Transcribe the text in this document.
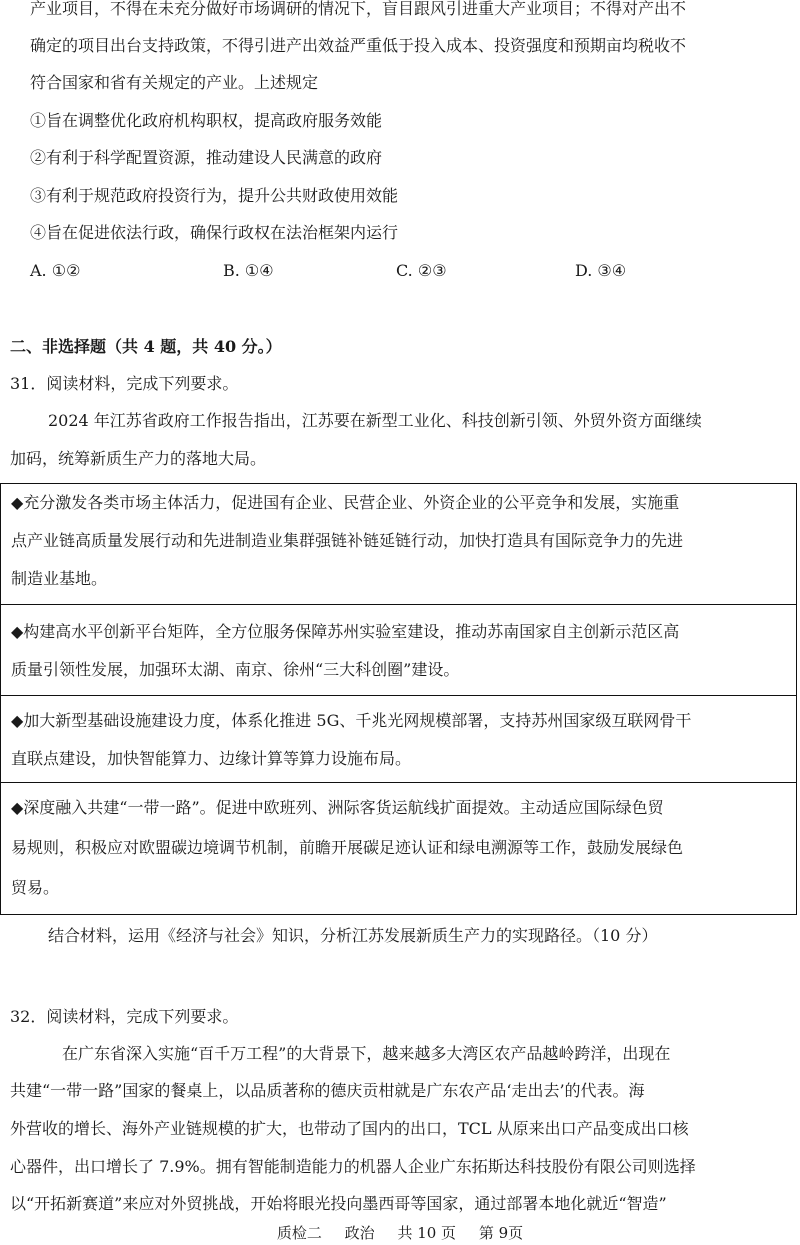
产业项目，不得在未充分做好市场调研的情况下，盲目跟风引进重大产业项目；不得对产出不
确定的项目出台支持政策，不得引进产出效益严重低于投入成本、投资强度和预期亩均税收不
符合国家和省有关规定的产业。上述规定
①旨在调整优化政府机构职权，提高政府服务效能
②有利于科学配置资源，推动建设人民满意的政府
③有利于规范政府投资行为，提升公共财政使用效能
④旨在促进依法行政，确保行政权在法治框架内运行
A. ①②	B. ①④	C. ②③	D. ③④
二、非选择题（共 4 题，共 40 分。）
31．阅读材料，完成下列要求。
2024 年江苏省政府工作报告指出，江苏要在新型工业化、科技创新引领、外贸外资方面继续
加码，统筹新质生产力的落地大局。
◆充分激发各类市场主体活力，促进国有企业、民营企业、外资企业的公平竞争和发展，实施重
点产业链高质量发展行动和先进制造业集群强链补链延链行动，加快打造具有国际竞争力的先进
制造业基地。
◆构建高水平创新平台矩阵，全方位服务保障苏州实验室建设，推动苏南国家自主创新示范区高
质量引领性发展，加强环太湖、南京、徐州“三大科创圈”建设。
◆加大新型基础设施建设力度，体系化推进 5G、千兆光网规模部署，支持苏州国家级互联网骨干
直联点建设，加快智能算力、边缘计算等算力设施布局。
◆深度融入共建“一带一路”。促进中欧班列、洲际客货运航线扩面提效。主动适应国际绿色贸
易规则，积极应对欧盟碳边境调节机制，前瞻开展碳足迹认证和绿电溯源等工作，鼓励发展绿色
贸易。
结合材料，运用《经济与社会》知识，分析江苏发展新质生产力的实现路径。（10 分）
32．阅读材料，完成下列要求。
在广东省深入实施“百千万工程”的大背景下，越来越多大湾区农产品越岭跨洋，出现在
共建“一带一路”国家的餐桌上，以品质著称的德庆贡柑就是广东农产品‘走出去’的代表。海
外营收的增长、海外产业链规模的扩大，也带动了国内的出口，TCL 从原来出口产品变成出口核
心器件，出口增长了 7.9%。拥有智能制造能力的机器人企业广东拓斯达科技股份有限公司则选择
以“开拓新赛道”来应对外贸挑战，开始将眼光投向墨西哥等国家，通过部署本地化就近“智造”
质检二 政治 共 10 页 第 9页
